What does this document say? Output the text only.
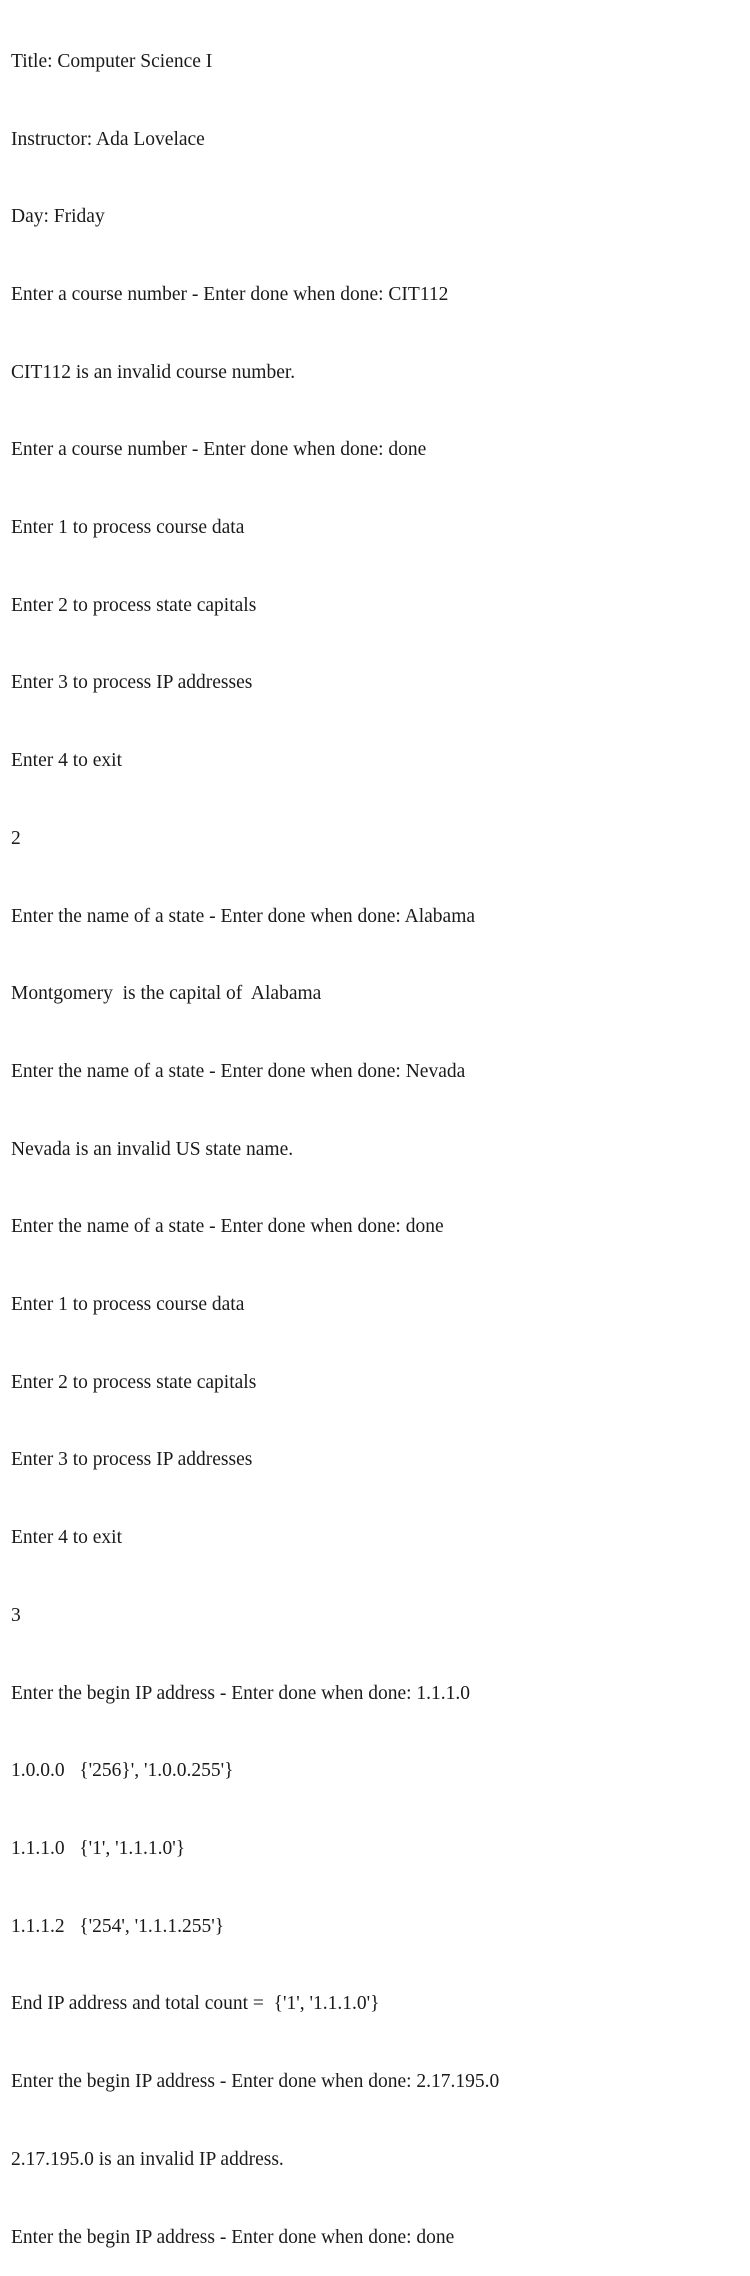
Title: Computer Science I

Instructor: Ada Lovelace

Day: Friday

Enter a course number - Enter done when done: CIT112

CIT112 is an invalid course number.

Enter a course number - Enter done when done: done

Enter 1 to process course data

Enter 2 to process state capitals

Enter 3 to process IP addresses

Enter 4 to exit

2

Enter the name of a state - Enter done when done: Alabama

Montgomery  is the capital of  Alabama

Enter the name of a state - Enter done when done: Nevada

Nevada is an invalid US state name.

Enter the name of a state - Enter done when done: done

Enter 1 to process course data

Enter 2 to process state capitals

Enter 3 to process IP addresses

Enter 4 to exit

3

Enter the begin IP address - Enter done when done: 1.1.1.0

1.0.0.0   {'256}', '1.0.0.255'}

1.1.1.0   {'1', '1.1.1.0'}

1.1.1.2   {'254', '1.1.1.255'}

End IP address and total count =  {'1', '1.1.1.0'}

Enter the begin IP address - Enter done when done: 2.17.195.0

2.17.195.0 is an invalid IP address.

Enter the begin IP address - Enter done when done: done
